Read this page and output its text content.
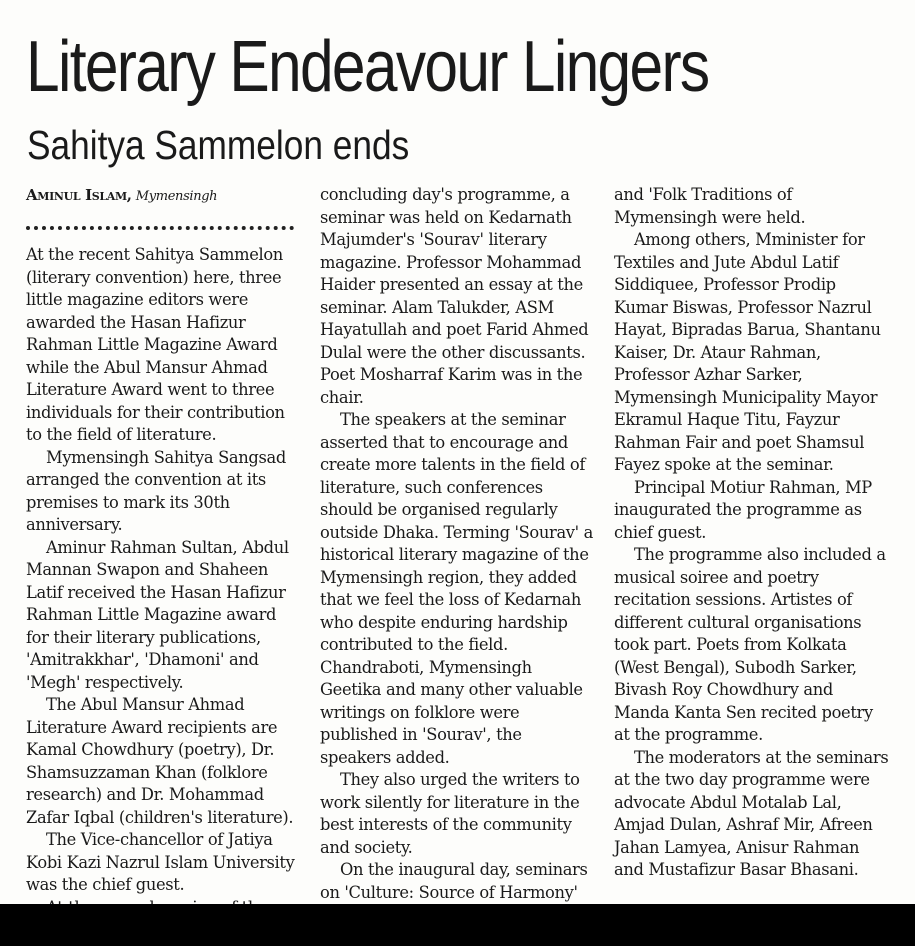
Literary Endeavour Lingers
Sahitya Sammelon ends
Aminul Islam, Mymensingh

At the recent Sahitya Sammelon (literary convention) here, three little magazine editors were awarded the Hasan Hafizur Rahman Little Magazine Award while the Abul Mansur Ahmad Literature Award went to three individuals for their contribution to the field of literature.

Mymensingh Sahitya Sangsad arranged the convention at its premises to mark its 30th anniversary.

Aminur Rahman Sultan, Abdul Mannan Swapon and Shaheen Latif received the Hasan Hafizur Rahman Little Magazine award for their literary publications, 'Amitrakkhar', 'Dhamoni' and 'Megh' respectively.

The Abul Mansur Ahmad Literature Award recipients are Kamal Chowdhury (poetry), Dr. Shamsuzzaman Khan (folklore research) and Dr. Mohammad Zafar Iqbal (children's literature).

The Vice-chancellor of Jatiya Kobi Kazi Nazrul Islam University was the chief guest.

concluding day's programme, a seminar was held on Kedarnath Majumder's 'Sourav' literary magazine. Professor Mohammad Haider presented an essay at the seminar. Alam Talukder, ASM Hayatullah and poet Farid Ahmed Dulal were the other discussants. Poet Mosharraf Karim was in the chair.

The speakers at the seminar asserted that to encourage and create more talents in the field of literature, such conferences should be organised regularly outside Dhaka. Terming 'Sourav' a historical literary magazine of the Mymensingh region, they added that we feel the loss of Kedarnah who despite enduring hardship contributed to the field. Chandraboti, Mymensingh Geetika and many other valuable writings on folklore were published in 'Sourav', the speakers added.

They also urged the writers to work silently for literature in the best interests of the community and society.

On the inaugural day, seminars on 'Culture: Source of Harmony'

and 'Folk Traditions of Mymensingh were held.

Among others, Mminister for Textiles and Jute Abdul Latif Siddiquee, Professor Prodip Kumar Biswas, Professor Nazrul Hayat, Bipradas Barua, Shantanu Kaiser, Dr. Ataur Rahman, Professor Azhar Sarker, Mymensingh Municipality Mayor Ekramul Haque Titu, Fayzur Rahman Fair and poet Shamsul Fayez spoke at the seminar.

Principal Motiur Rahman, MP inaugurated the programme as chief guest.

The programme also included a musical soiree and poetry recitation sessions. Artistes of different cultural organisations took part. Poets from Kolkata (West Bengal), Subodh Sarker, Bivash Roy Chowdhury and Manda Kanta Sen recited poetry at the programme.

The moderators at the seminars at the two day programme were advocate Abdul Motalab Lal, Amjad Dulan, Ashraf Mir, Afreen Jahan Lamyea, Anisur Rahman and Mustafizur Basar Bhasani.
